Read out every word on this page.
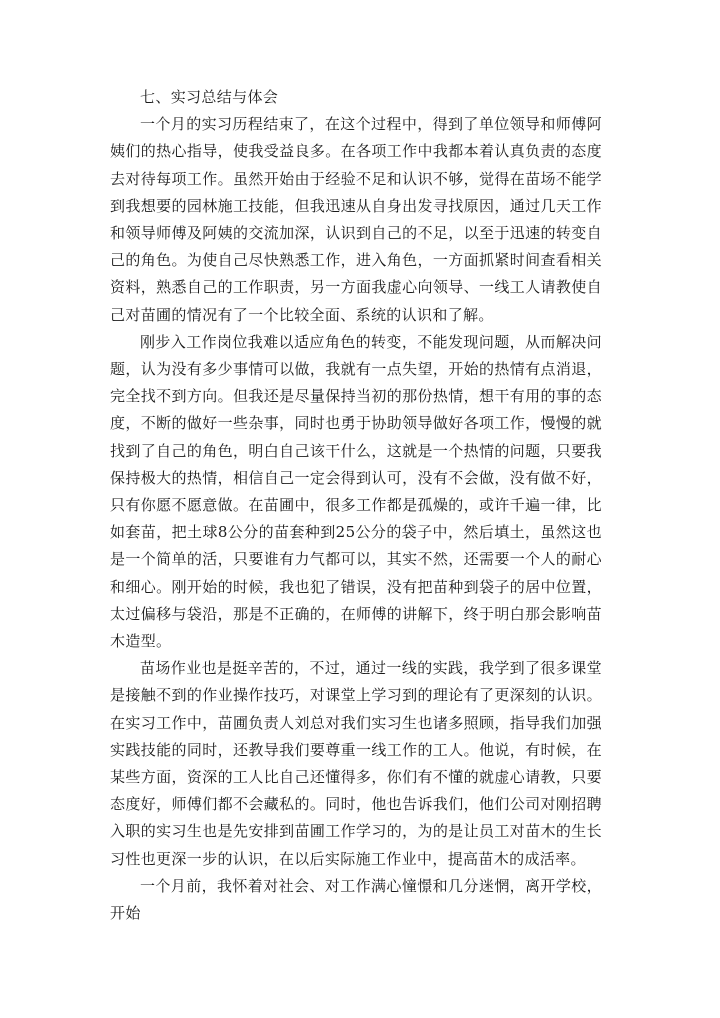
七、实习总结与体会

一个月的实习历程结束了，在这个过程中，得到了单位领导和师傅阿姨们的热心指导，使我受益良多。在各项工作中我都本着认真负责的态度去对待每项工作。虽然开始由于经验不足和认识不够，觉得在苗场不能学到我想要的园林施工技能，但我迅速从自身出发寻找原因，通过几天工作和领导师傅及阿姨的交流加深，认识到自己的不足，以至于迅速的转变自己的角色。为使自己尽快熟悉工作，进入角色，一方面抓紧时间查看相关资料，熟悉自己的工作职责，另一方面我虚心向领导、一线工人请教使自己对苗圃的情况有了一个比较全面、系统的认识和了解。

刚步入工作岗位我难以适应角色的转变，不能发现问题，从而解决问题，认为没有多少事情可以做，我就有一点失望，开始的热情有点消退，完全找不到方向。但我还是尽量保持当初的那份热情，想干有用的事的态度，不断的做好一些杂事，同时也勇于协助领导做好各项工作，慢慢的就找到了自己的角色，明白自己该干什么，这就是一个热情的问题，只要我保持极大的热情，相信自己一定会得到认可，没有不会做，没有做不好，只有你愿不愿意做。在苗圃中，很多工作都是孤燥的，或许千遍一律，比如套苗，把土球8公分的苗套种到25公分的袋子中，然后填土，虽然这也是一个简单的活，只要谁有力气都可以，其实不然，还需要一个人的耐心和细心。刚开始的时候，我也犯了错误，没有把苗种到袋子的居中位置，太过偏移与袋沿，那是不正确的，在师傅的讲解下，终于明白那会影响苗木造型。

苗场作业也是挺辛苦的，不过，通过一线的实践，我学到了很多课堂是接触不到的作业操作技巧，对课堂上学习到的理论有了更深刻的认识。在实习工作中，苗圃负责人刘总对我们实习生也诸多照顾，指导我们加强实践技能的同时，还教导我们要尊重一线工作的工人。他说，有时候，在某些方面，资深的工人比自己还懂得多，你们有不懂的就虚心请教，只要态度好，师傅们都不会藏私的。同时，他也告诉我们，他们公司对刚招聘入职的实习生也是先安排到苗圃工作学习的，为的是让员工对苗木的生长习性也更深一步的认识，在以后实际施工作业中，提高苗木的成活率。

一个月前，我怀着对社会、对工作满心憧憬和几分迷惘，离开学校，开始
